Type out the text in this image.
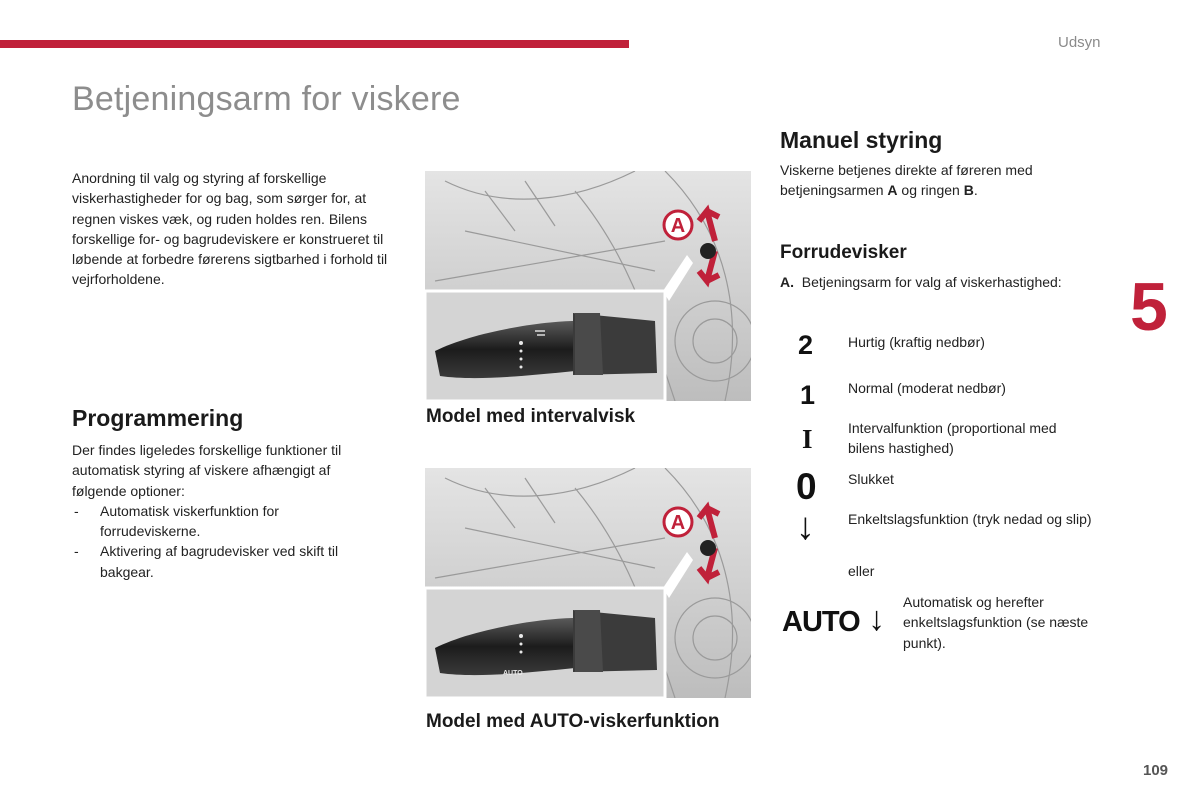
Udsyn
Betjeningsarm for viskere
Anordning til valg og styring af forskellige viskerhastigheder for og bag, som sørger for, at regnen viskes væk, og ruden holdes ren. Bilens forskellige for- og bagrudeviskere er konstrueret til løbende at forbedre førerens sigtbarhed i forhold til vejrforholdene.
Programmering
Der findes ligeledes forskellige funktioner til automatisk styring af viskere afhængigt af følgende optioner:
- Automatisk viskerfunktion for forrudeviskerne.
- Aktivering af bagrudevisker ved skift til bakgear.
A
Model med intervalvisk
AUTO
A
Model med AUTO-viskerfunktion
Manuel styring
Viskerne betjenes direkte af føreren med betjeningsarmen A og ringen B.
Forrudevisker
A. Betjeningsarm for valg af viskerhastighed:
2 Hurtig (kraftig nedbør)
1 Normal (moderat nedbør)
I	Intervalfunktion (proportional med bilens hastighed)
0 Slukket
↓ Enkeltslagsfunktion (tryk nedad og slip)
eller
AUTO ↓ Automatisk og herefter enkeltslagsfunktion (se næste punkt).
5
109
